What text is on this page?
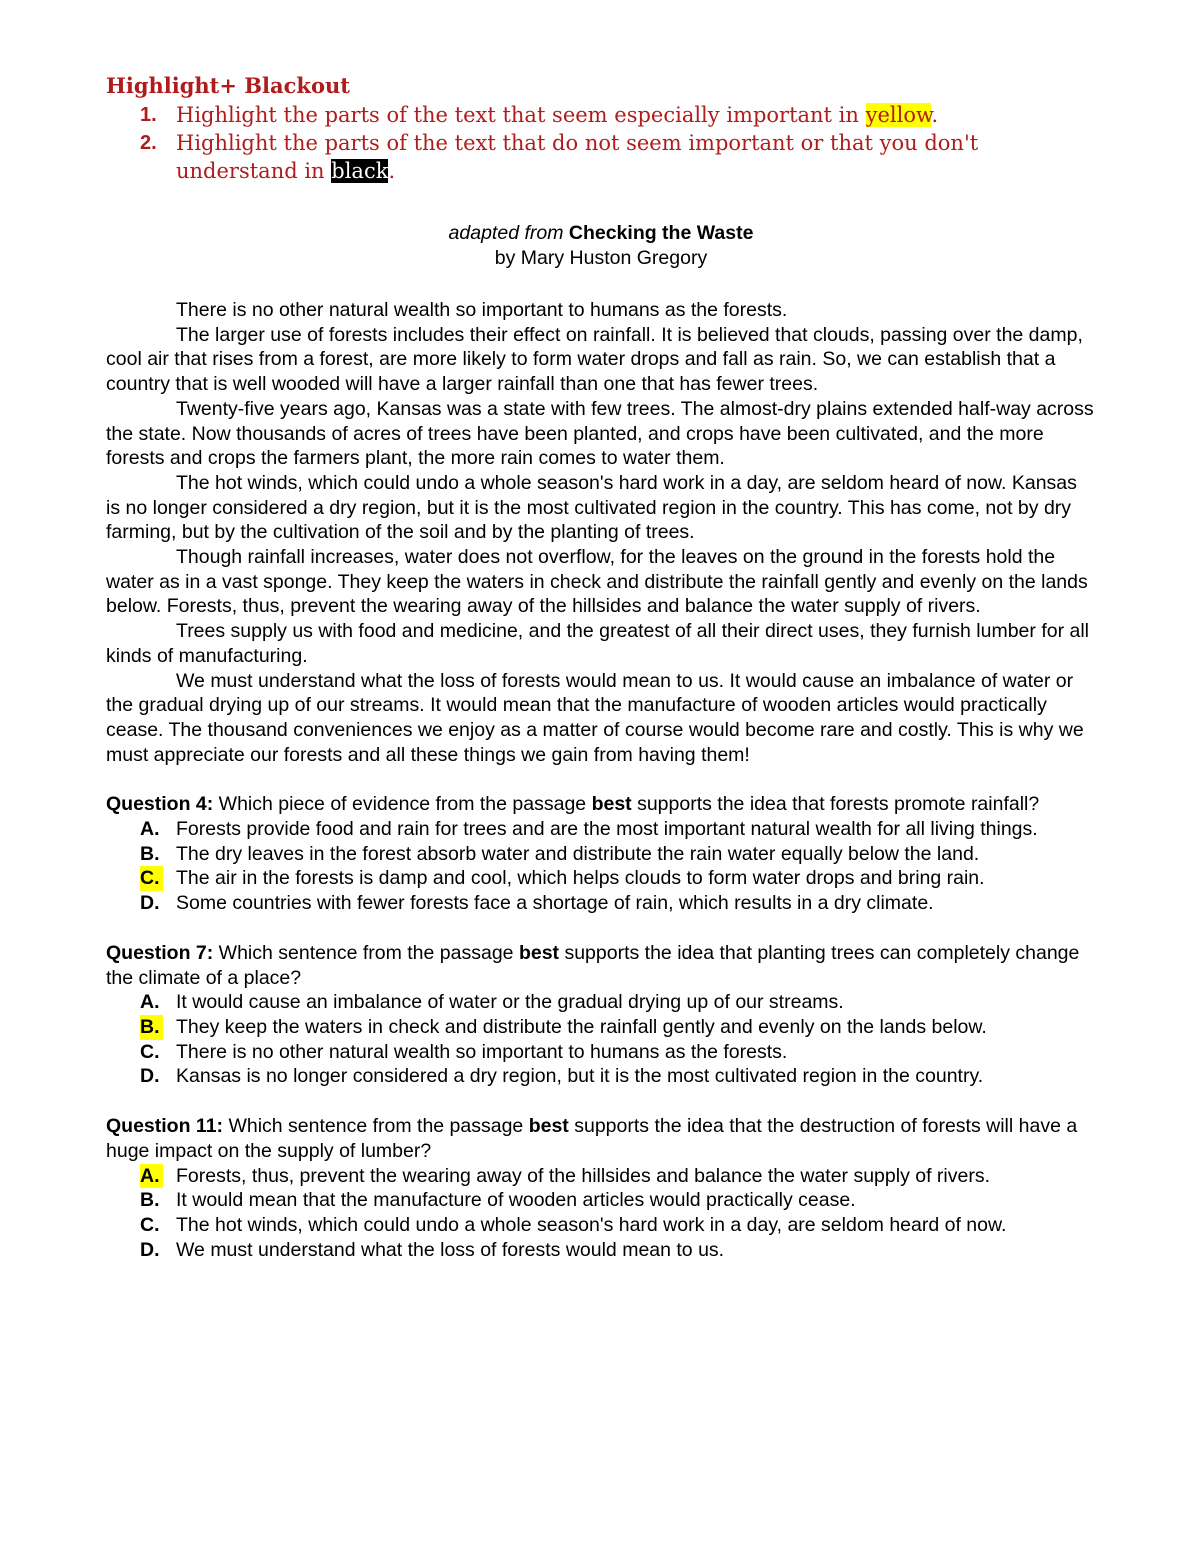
Highlight+ Blackout
1. Highlight the parts of the text that seem especially important in yellow.
2. Highlight the parts of the text that do not seem important or that you don't understand in black.
adapted from Checking the Waste
by Mary Huston Gregory

There is no other natural wealth so important to humans as the forests.

The larger use of forests includes their effect on rainfall. It is believed that clouds, passing over the damp, cool air that rises from a forest, are more likely to form water drops and fall as rain. So, we can establish that a country that is well wooded will have a larger rainfall than one that has fewer trees.

Twenty-five years ago, Kansas was a state with few trees. The almost-dry plains extended half-way across the state. Now thousands of acres of trees have been planted, and crops have been cultivated, and the more forests and crops the farmers plant, the more rain comes to water them.

The hot winds, which could undo a whole season's hard work in a day, are seldom heard of now. Kansas is no longer considered a dry region, but it is the most cultivated region in the country. This has come, not by dry farming, but by the cultivation of the soil and by the planting of trees.

Though rainfall increases, water does not overflow, for the leaves on the ground in the forests hold the water as in a vast sponge. They keep the waters in check and distribute the rainfall gently and evenly on the lands below. Forests, thus, prevent the wearing away of the hillsides and balance the water supply of rivers.

Trees supply us with food and medicine, and the greatest of all their direct uses, they furnish lumber for all kinds of manufacturing.

We must understand what the loss of forests would mean to us. It would cause an imbalance of water or the gradual drying up of our streams. It would mean that the manufacture of wooden articles would practically cease. The thousand conveniences we enjoy as a matter of course would become rare and costly. This is why we must appreciate our forests and all these things we gain from having them!

Question 4: Which piece of evidence from the passage best supports the idea that forests promote rainfall?
A. Forests provide food and rain for trees and are the most important natural wealth for all living things.
B. The dry leaves in the forest absorb water and distribute the rain water equally below the land.
C. The air in the forests is damp and cool, which helps clouds to form water drops and bring rain.
D. Some countries with fewer forests face a shortage of rain, which results in a dry climate.
Question 7: Which sentence from the passage best supports the idea that planting trees can completely change the climate of a place?
A. It would cause an imbalance of water or the gradual drying up of our streams.
B. They keep the waters in check and distribute the rainfall gently and evenly on the lands below.
C. There is no other natural wealth so important to humans as the forests.
D. Kansas is no longer considered a dry region, but it is the most cultivated region in the country.
Question 11: Which sentence from the passage best supports the idea that the destruction of forests will have a huge impact on the supply of lumber?
A. Forests, thus, prevent the wearing away of the hillsides and balance the water supply of rivers.
B. It would mean that the manufacture of wooden articles would practically cease.
C. The hot winds, which could undo a whole season's hard work in a day, are seldom heard of now.
D. We must understand what the loss of forests would mean to us.
